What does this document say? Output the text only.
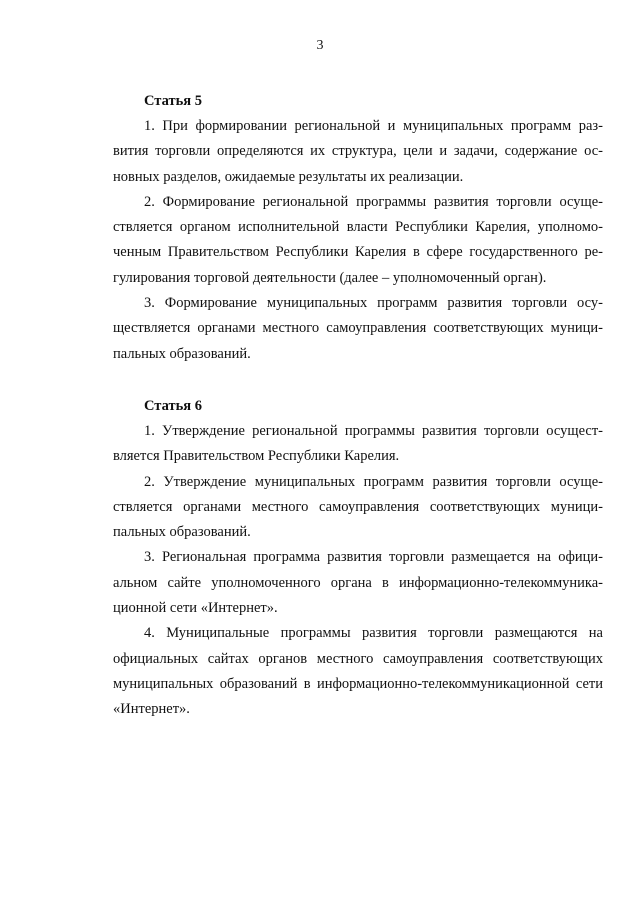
3
Статья 5

1. При формировании региональной и муниципальных программ развития торговли определяются их структура, цели и задачи, содержание основных разделов, ожидаемые результаты их реализации.

2. Формирование региональной программы развития торговли осуществляется органом исполнительной власти Республики Карелия, уполномоченным Правительством Республики Карелия в сфере государственного регулирования торговой деятельности (далее – уполномоченный орган).

3. Формирование муниципальных программ развития торговли осуществляется органами местного самоуправления соответствующих муниципальных образований.

Статья 6

1. Утверждение региональной программы развития торговли осуществляется Правительством Республики Карелия.

2. Утверждение муниципальных программ развития торговли осуществляется органами местного самоуправления соответствующих муниципальных образований.

3. Региональная программа развития торговли размещается на официальном сайте уполномоченного органа в информационно-телекоммуникационной сети «Интернет».

4. Муниципальные программы развития торговли размещаются на официальных сайтах органов местного самоуправления соответствующих муниципальных образований в информационно-телекоммуникационной сети «Интернет».
